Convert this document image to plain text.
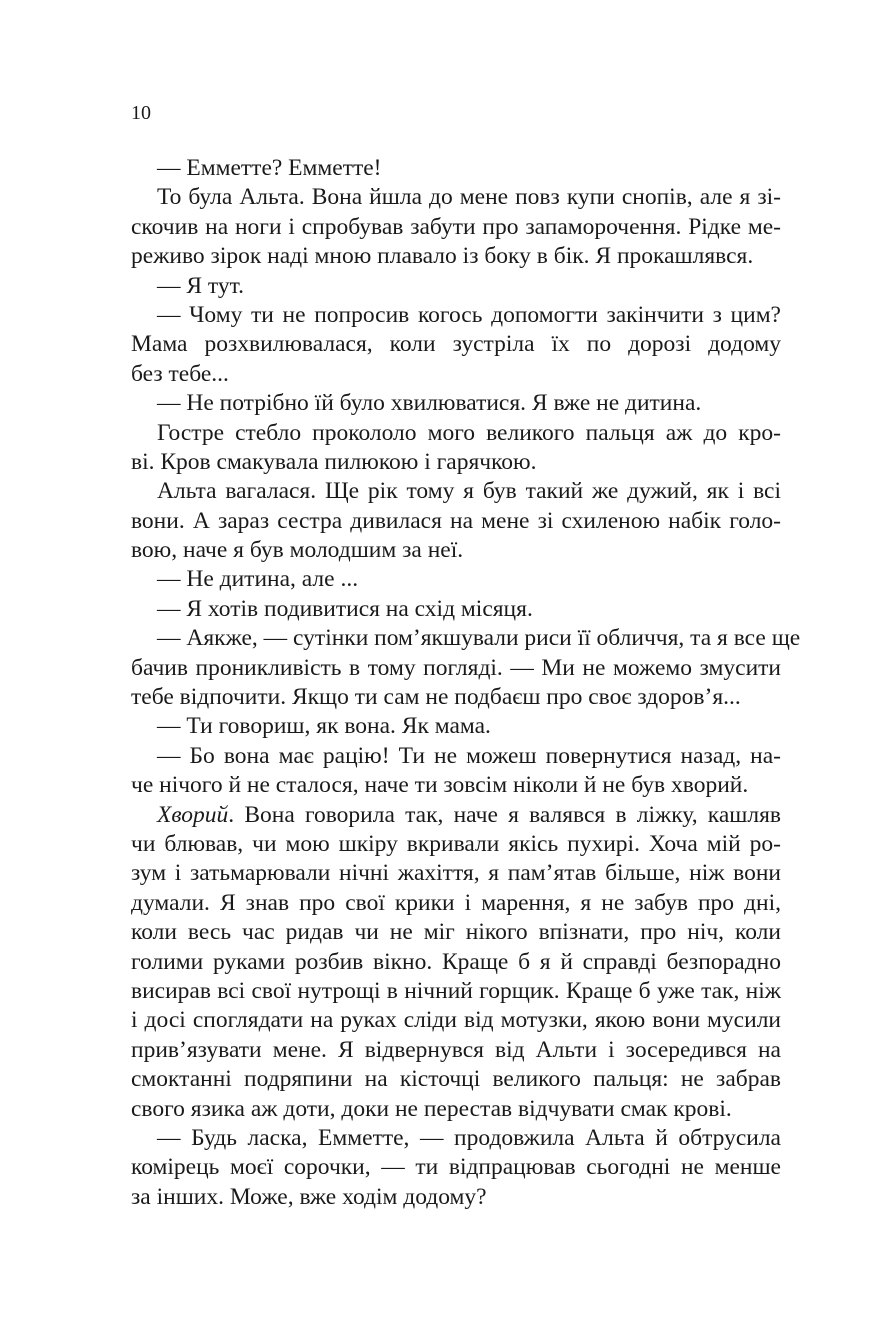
10
— Емметте? Емметте!
То була Альта. Вона йшла до мене повз купи снопів, але я зі-
скочив на ноги і спробував забути про запаморочення. Рідке ме-
реживо зірок наді мною плавало із боку в бік. Я прокашлявся.
— Я тут.
— Чому ти не попросив когось допомогти закінчити з цим?
Мама розхвилювалася, коли зустріла їх по дорозі додому
без тебе...
— Не потрібно їй було хвилюватися. Я вже не дитина.
Гостре стебло прокололо мого великого пальця аж до кро-
ві. Кров смакувала пилюкою і гарячкою.
Альта вагалася. Ще рік тому я був такий же дужий, як і всі
вони. А зараз сестра дивилася на мене зі схиленою набік голо-
вою, наче я був молодшим за неї.
— Не дитина, але ...
— Я хотів подивитися на схід місяця.
— Аякже, — сутінки пом’якшували риси її обличчя, та я все ще
бачив проникливість в тому погляді. — Ми не можемо змусити
тебе відпочити. Якщо ти сам не подбаєш про своє здоров’я...
— Ти говориш, як вона. Як мама.
— Бо вона має рацію! Ти не можеш повернутися назад, на-
че нічого й не сталося, наче ти зовсім ніколи й не був хворий.
Хворий. Вона говорила так, наче я валявся в ліжку, кашляв
чи блював, чи мою шкіру вкривали якісь пухирі. Хоча мій ро-
зум і затьмарювали нічні жахіття, я пам’ятав більше, ніж вони
думали. Я знав про свої крики і марення, я не забув про дні,
коли весь час ридав чи не міг нікого впізнати, про ніч, коли
голими руками розбив вікно. Краще б я й справді безпорадно
висирав всі свої нутрощі в нічний горщик. Краще б уже так, ніж
і досі споглядати на руках сліди від мотузки, якою вони мусили
прив’язувати мене. Я відвернувся від Альти і зосередився на
смоктанні подряпини на кісточці великого пальця: не забрав
свого язика аж доти, доки не перестав відчувати смак крові.
— Будь ласка, Емметте, — продовжила Альта й обтрусила
комірець моєї сорочки, — ти відпрацював сьогодні не менше
за інших. Може, вже ходім додому?
